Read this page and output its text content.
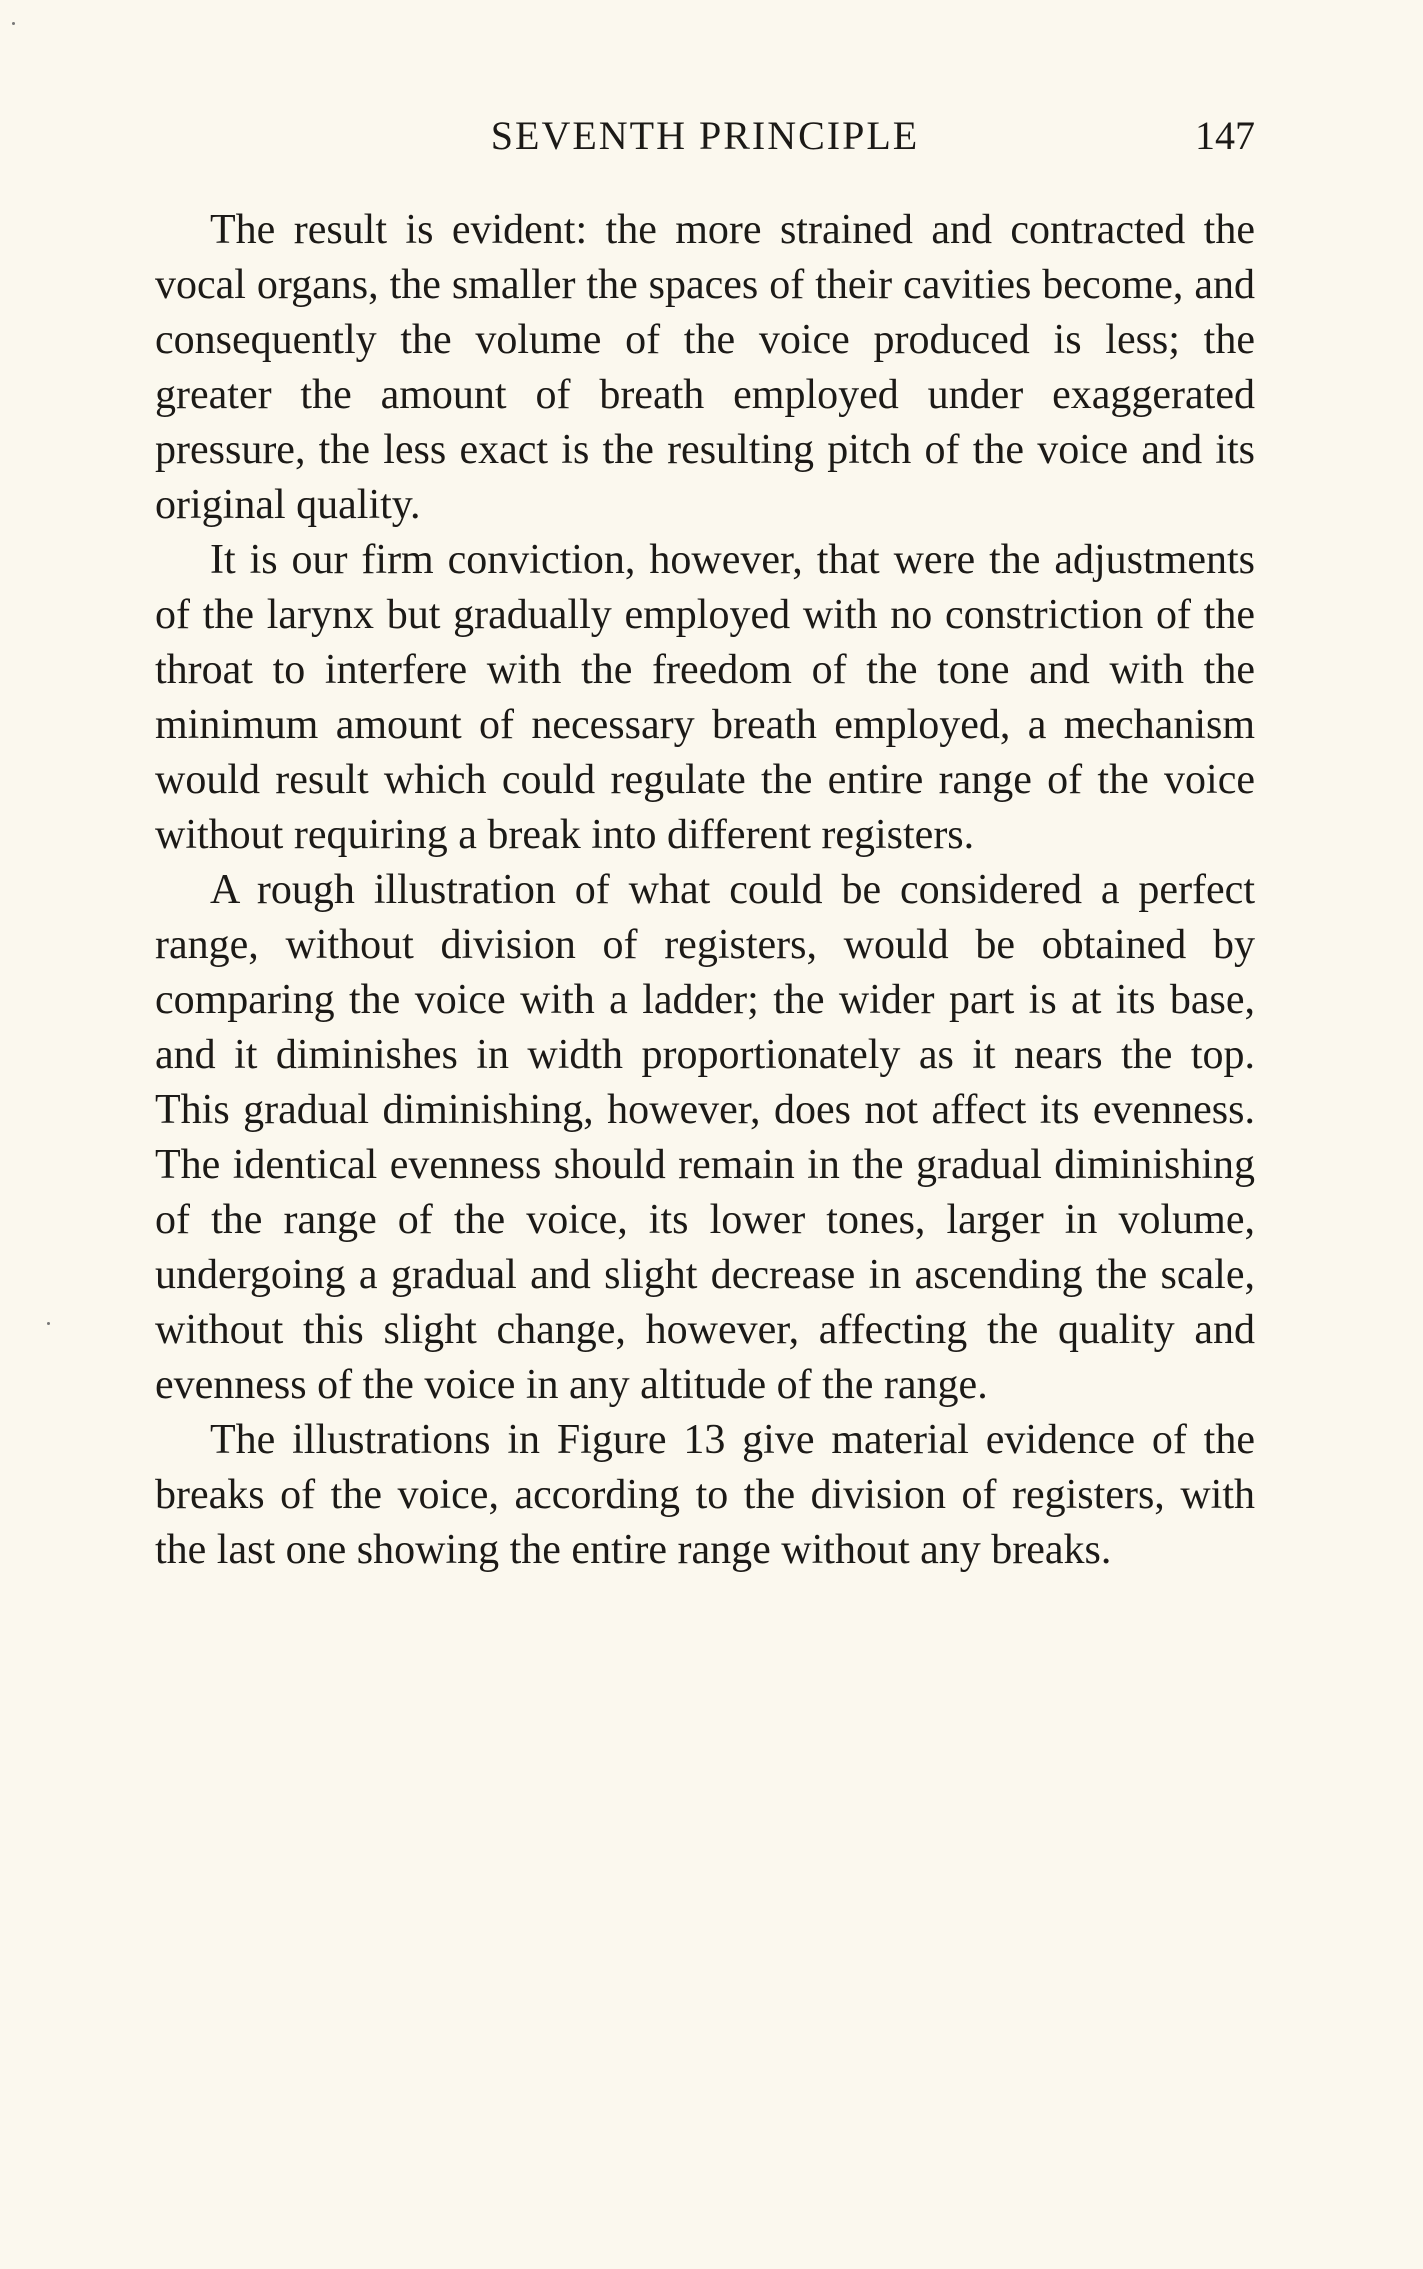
SEVENTH PRINCIPLE	147

The result is evident: the more strained and contracted the vocal organs, the smaller the spaces of their cavities become, and consequently the volume of the voice produced is less; the greater the amount of breath employed under exaggerated pressure, the less exact is the resulting pitch of the voice and its original quality.

It is our firm conviction, however, that were the adjustments of the larynx but gradually employed with no constriction of the throat to interfere with the freedom of the tone and with the minimum amount of necessary breath employed, a mechanism would result which could regulate the entire range of the voice without requiring a break into different registers.

A rough illustration of what could be considered a perfect range, without division of registers, would be obtained by comparing the voice with a ladder; the wider part is at its base, and it diminishes in width proportionately as it nears the top. This gradual diminishing, however, does not affect its evenness. The identical evenness should remain in the gradual diminishing of the range of the voice, its lower tones, larger in volume, undergoing a gradual and slight decrease in ascending the scale, without this slight change, however, affecting the quality and evenness of the voice in any altitude of the range.

The illustrations in Figure 13 give material evidence of the breaks of the voice, according to the division of registers, with the last one showing the entire range without any breaks.
